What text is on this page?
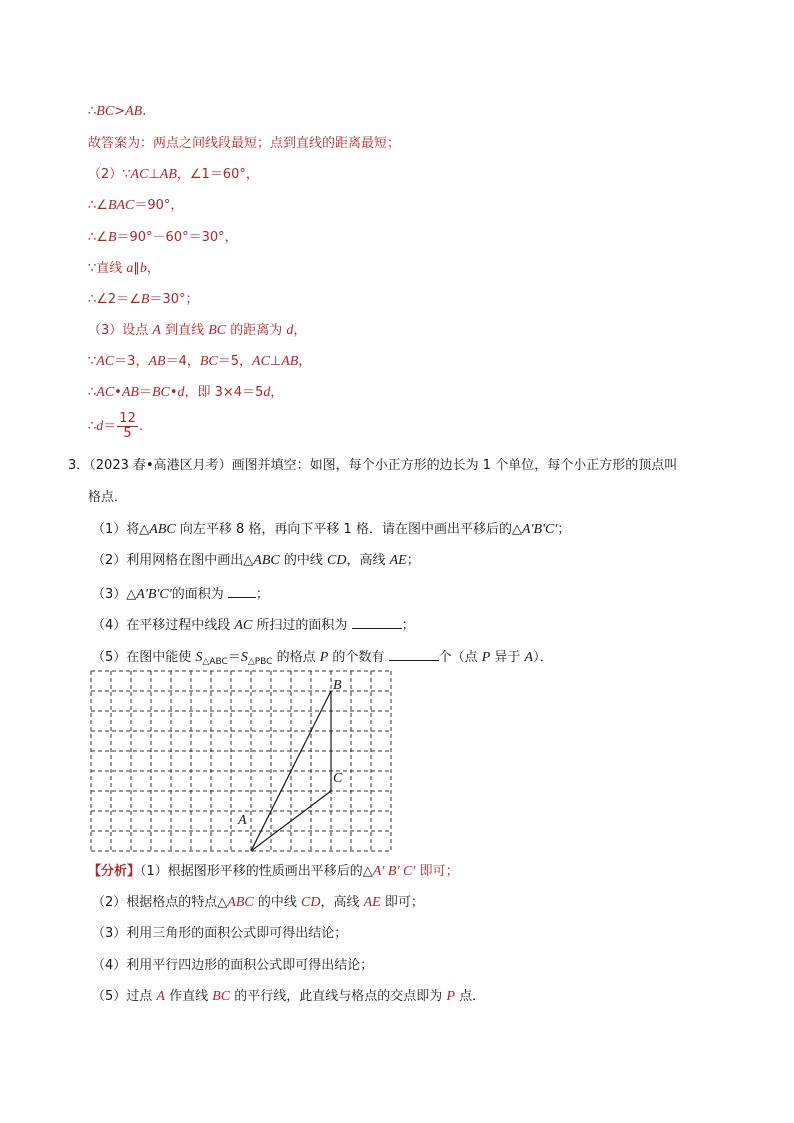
∴BC>AB.
故答案为：两点之间线段最短；点到直线的距离最短；
（2）∵AC⊥AB，∠1＝60°，
∴∠BAC＝90°，
∴∠B＝90°－60°＝30°，
∵直线 a∥b，
∴∠2＝∠B＝30°；
（3）设点 A 到直线 BC 的距离为 d，
∵AC＝3，AB＝4，BC＝5，AC⊥AB，
∴AC•AB＝BC•d，即 3×4＝5d，
∴d＝ $\frac{12}{5}$ .
3．（2023 春•高港区月考）画图并填空：如图，每个小正方形的边长为 1 个单位，每个小正方形的顶点叫
格点．
（1）将△ABC 向左平移 8 格，再向下平移 1 格．请在图中画出平移后的△A'B'C'；
（2）利用网格在图中画出△ABC 的中线 CD，高线 AE；
（3）△A'B'C'的面积为 ；
（4）在平移过程中线段 AC 所扫过的面积为	；
（5）在图中能使 $S_{\triangle ABC}=S_{\triangle PBC}$ 的格点 P 的个数有	个（点 P 异于 A）．
A
B
C
【分析】（1）根据图形平移的性质画出平移后的△A′ B′ C′ 即可；
（2）根据格点的特点△ABC 的中线 CD，高线 AE 即可；
（3）利用三角形的面积公式即可得出结论；
（4）利用平行四边形的面积公式即可得出结论；
（5）过点 A 作直线 BC 的平行线，此直线与格点的交点即为 P 点．
